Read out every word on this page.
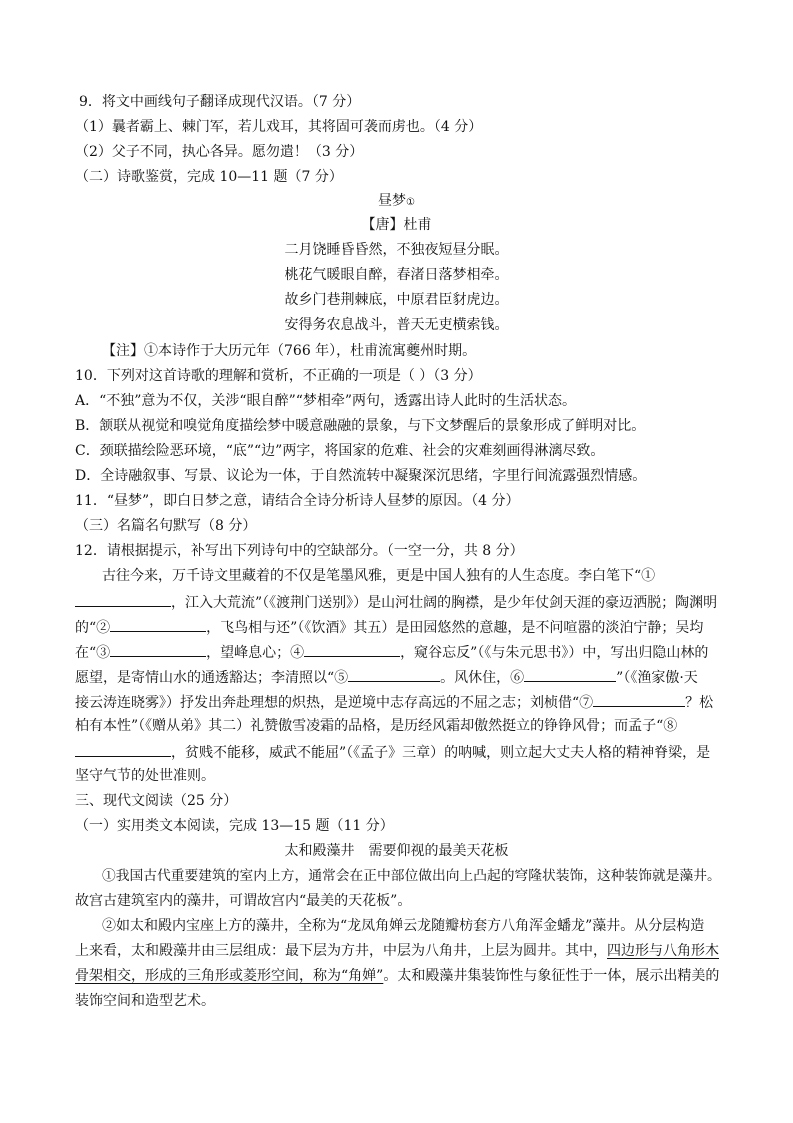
9．将文中画线句子翻译成现代汉语。（7 分）
（1）曩者霸上、棘门军，若儿戏耳，其将固可袭而虏也。（4 分）
（2）父子不同，执心各异。愿勿遣！（3 分）
（二）诗歌鉴赏，完成 10—11 题（7 分）
昼梦①
【唐】杜甫
二月饶睡昏昏然，不独夜短昼分眠。
桃花气暖眼自醉，春渚日落梦相牵。
故乡门巷荆棘底，中原君臣豺虎边。
安得务农息战斗，普天无吏横索钱。
【注】①本诗作于大历元年（766 年），杜甫流寓夔州时期。
10．下列对这首诗歌的理解和赏析，不正确的一项是（ ）（3 分）
A．“不独”意为不仅，关涉“眼自醉”“梦相牵”两句，透露出诗人此时的生活状态。
B．颔联从视觉和嗅觉角度描绘梦中暖意融融的景象，与下文梦醒后的景象形成了鲜明对比。
C．颈联描绘险恶环境，“底”“边”两字，将国家的危难、社会的灾难刻画得淋漓尽致。
D．全诗融叙事、写景、议论为一体，于自然流转中凝聚深沉思绪，字里行间流露强烈情感。
11．“昼梦”，即白日梦之意，请结合全诗分析诗人昼梦的原因。（4 分）
（三）名篇名句默写（8 分）
12．请根据提示，补写出下列诗句中的空缺部分。（一空一分，共 8 分）
古往今来，万千诗文里藏着的不仅是笔墨风雅，更是中国人独有的人生态度。李白笔下“①
，江入大荒流”（《渡荆门送别》）是山河壮阔的胸襟，是少年仗剑天涯的豪迈洒脱；陶渊明
的“②	，飞鸟相与还”（《饮酒》其五）是田园悠然的意趣，是不问喧嚣的淡泊宁静；吴均
在“③	，望峰息心；④	，窥谷忘反”（《与朱元思书》）中，写出归隐山林的
愿望，是寄情山水的通透豁达；李清照以“⑤	。风休住，⑥	”（《渔家傲·天
接云涛连晓雾》）抒发出奔赴理想的炽热，是逆境中志存高远的不屈之志；刘桢借“⑦	？松
柏有本性”（《赠从弟》其二）礼赞傲雪凌霜的品格，是历经风霜却傲然挺立的铮铮风骨；而孟子“⑧
，贫贱不能移，威武不能屈”（《孟子》三章）的呐喊，则立起大丈夫人格的精神脊梁，是
坚守气节的处世准则。
三、现代文阅读（25 分）
（一）实用类文本阅读，完成 13—15 题（11 分）
太和殿藻井　需要仰视的最美天花板
①我国古代重要建筑的室内上方，通常会在正中部位做出向上凸起的穹隆状装饰，这种装饰就是藻井。
故宫古建筑室内的藻井，可谓故宫内“最美的天花板”。
②如太和殿内宝座上方的藻井，全称为“龙凤角婵云龙随瓣枋套方八角浑金蟠龙”藻井。从分层构造
上来看，太和殿藻井由三层组成：最下层为方井，中层为八角井，上层为圆井。其中，四边形与八角形木
骨架相交，形成的三角形或菱形空间，称为“角婵”。太和殿藻井集装饰性与象征性于一体，展示出精美的
装饰空间和造型艺术。
